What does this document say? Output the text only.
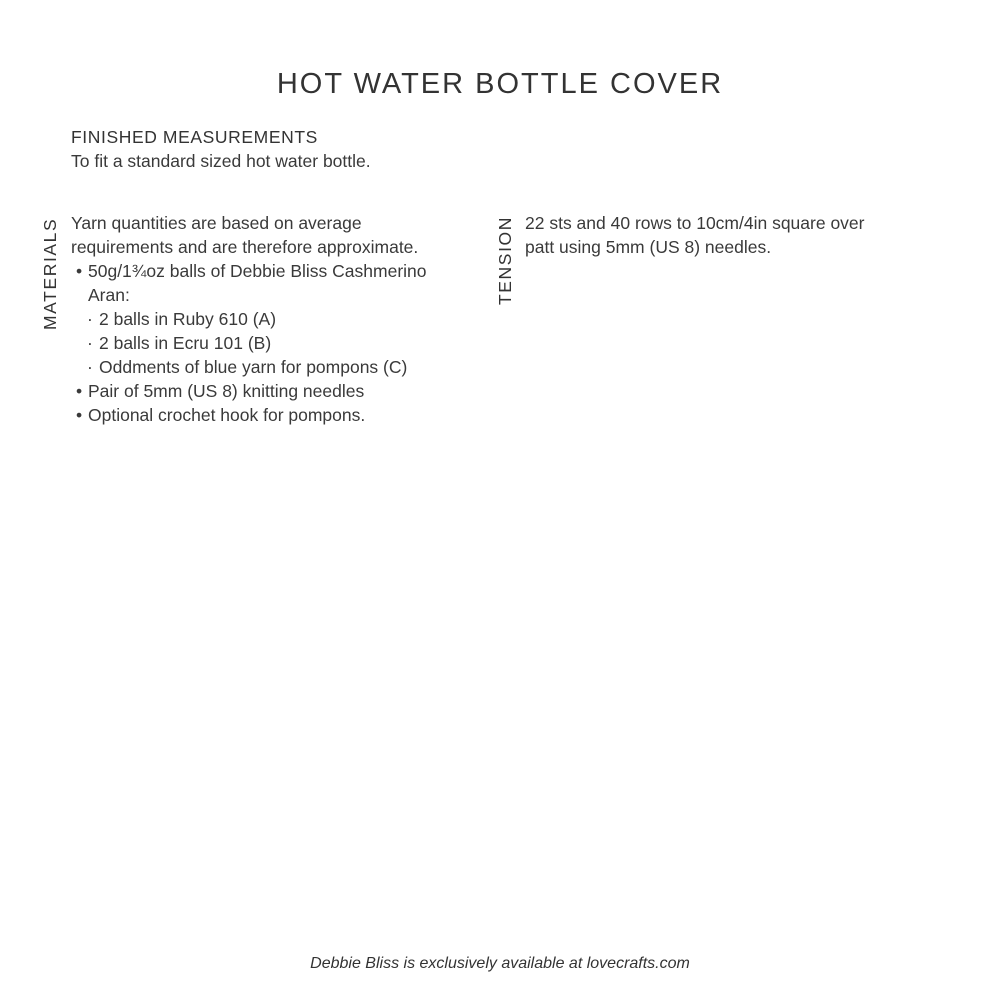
HOT WATER BOTTLE COVER
FINISHED MEASUREMENTS
To fit a standard sized hot water bottle.
MATERIALS Yarn quantities are based on average

requirements and are therefore approximate.

• 50g/1¾oz balls of Debbie Bliss Cashmerino
Aran:
· 2 balls in Ruby 610 (A)
· 2 balls in Ecru 101 (B)
· Oddments of blue yarn for pompons (C)
• Pair of 5mm (US 8) knitting needles
• Optional crochet hook for pompons.
TENSION 22 sts and 40 rows to 10cm/4in square over
patt using 5mm (US 8) needles.
Debbie Bliss is exclusively available at lovecrafts.com
